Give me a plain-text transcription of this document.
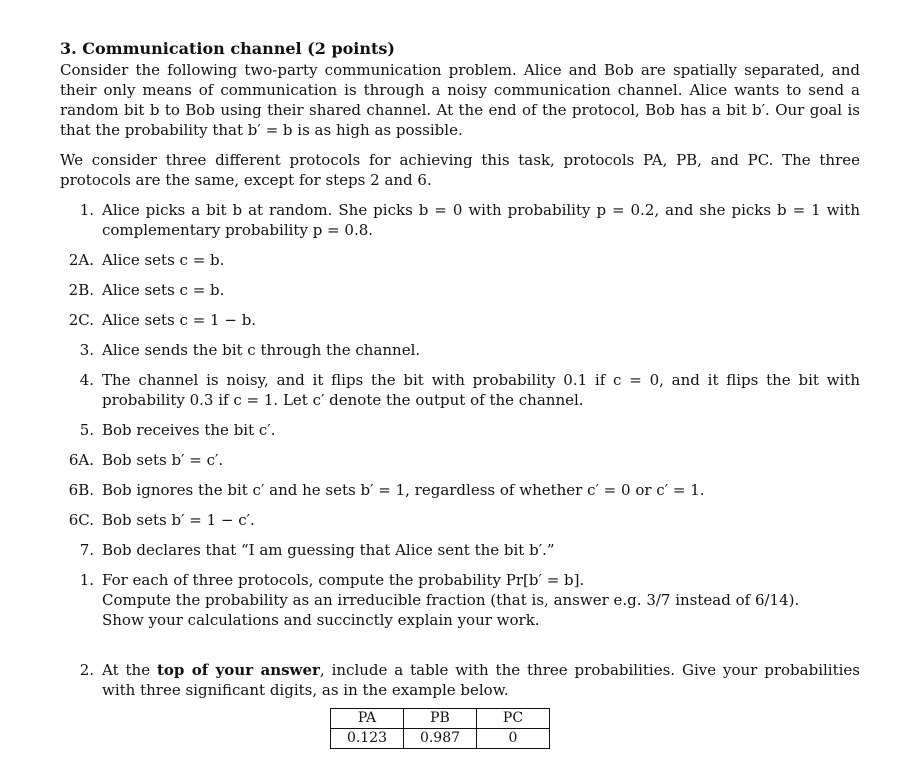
3. Communication channel (2 points)
Consider the following two-party communication problem. Alice and Bob are spatially separated, and their only means of communication is through a noisy communication channel. Alice wants to send a random bit b to Bob using their shared channel. At the end of the protocol, Bob has a bit b′. Our goal is that the probability that b′ = b is as high as possible.
We consider three different protocols for achieving this task, protocols PA, PB, and PC. The three protocols are the same, except for steps 2 and 6.
1. Alice picks a bit b at random. She picks b = 0 with probability p = 0.2, and she picks b = 1 with complementary probability p = 0.8.
2A. Alice sets c = b.
2B. Alice sets c = b.
2C. Alice sets c = 1 − b.
3. Alice sends the bit c through the channel.
4. The channel is noisy, and it flips the bit with probability 0.1 if c = 0, and it flips the bit with probability 0.3 if c = 1. Let c′ denote the output of the channel.
5. Bob receives the bit c′.
6A. Bob sets b′ = c′.
6B. Bob ignores the bit c′ and he sets b′ = 1, regardless of whether c′ = 0 or c′ = 1.
6C. Bob sets b′ = 1 − c′.
7. Bob declares that “I am guessing that Alice sent the bit b′.”
1. For each of three protocols, compute the probability Pr[b′ = b].
Compute the probability as an irreducible fraction (that is, answer e.g. 3/7 instead of 6/14).
Show your calculations and succinctly explain your work.
2. At the top of your answer, include a table with the three probabilities. Give your probabilities with three significant digits, as in the example below.
PA	PB	PC
0.123	0.987	0
